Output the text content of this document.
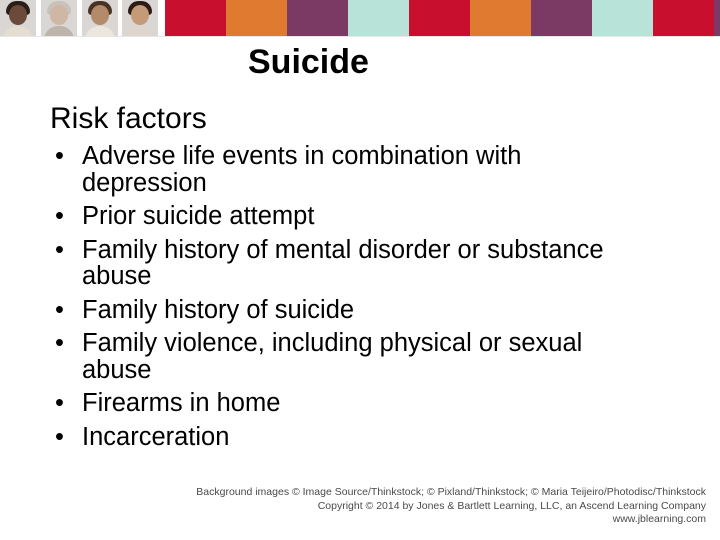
Suicide
Risk factors
• Adverse life events in combination with
depression
• Prior suicide attempt
• Family history of mental disorder or substance
abuse
• Family history of suicide
• Family violence, including physical or sexual
abuse
• Firearms in home
• Incarceration
Background images © Image Source/Thinkstock; © Pixland/Thinkstock; © Maria Teijeiro/Photodisc/Thinkstock
Copyright © 2014 by Jones & Bartlett Learning, LLC, an Ascend Learning Company
www.jblearning.com
